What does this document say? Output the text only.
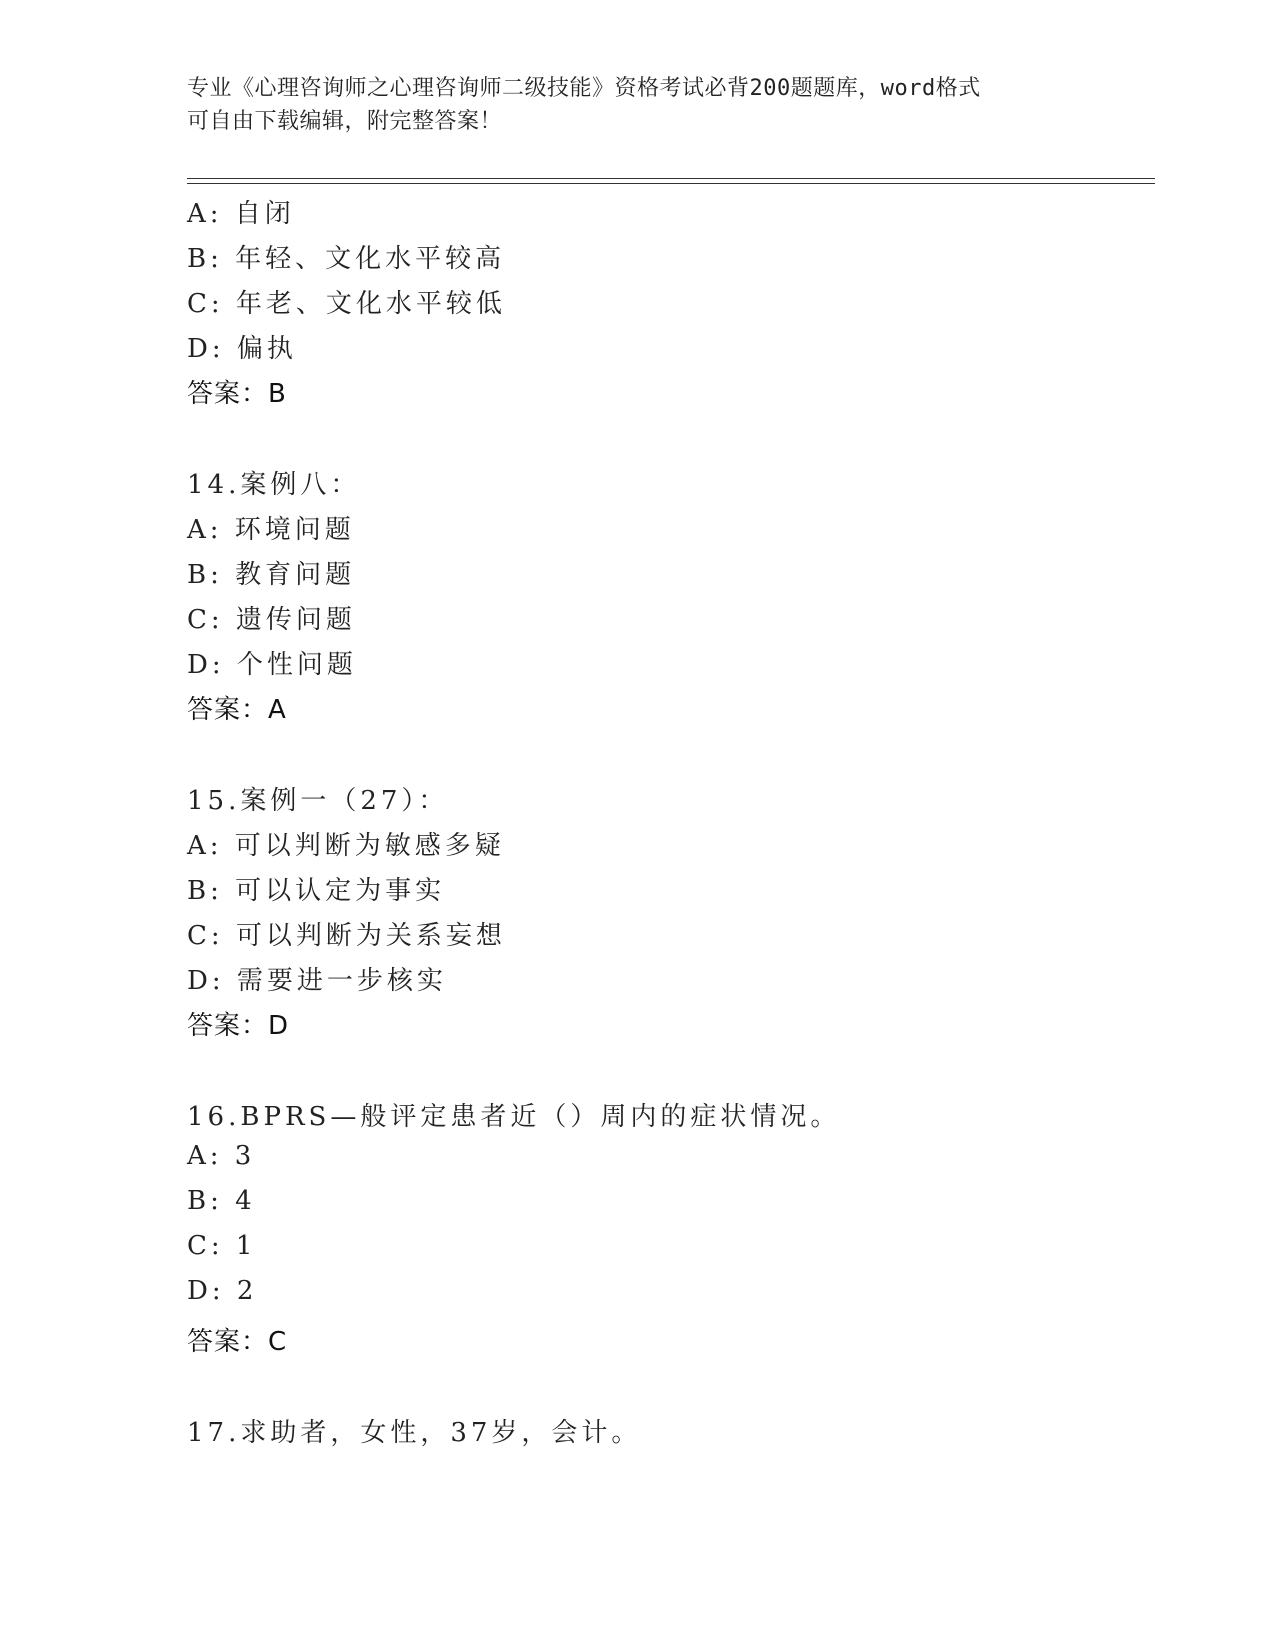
专业《心理咨询师之心理咨询师二级技能》资格考试必背200题题库，word格式
可自由下载编辑，附完整答案！
A: 自闭
B: 年轻、文化水平较高
C: 年老、文化水平较低
D: 偏执
答案：B
14.案例八：
A: 环境问题
B: 教育问题
C: 遗传问题
D: 个性问题
答案：A
15.案例一（27）：
A: 可以判断为敏感多疑
B: 可以认定为事实
C: 可以判断为关系妄想
D: 需要进一步核实
答案：D
16.BPRS—般评定患者近（）周内的症状情况。
A: 3
B: 4
C: 1
D: 2
答案：C
17.求助者，女性，37岁，会计。
